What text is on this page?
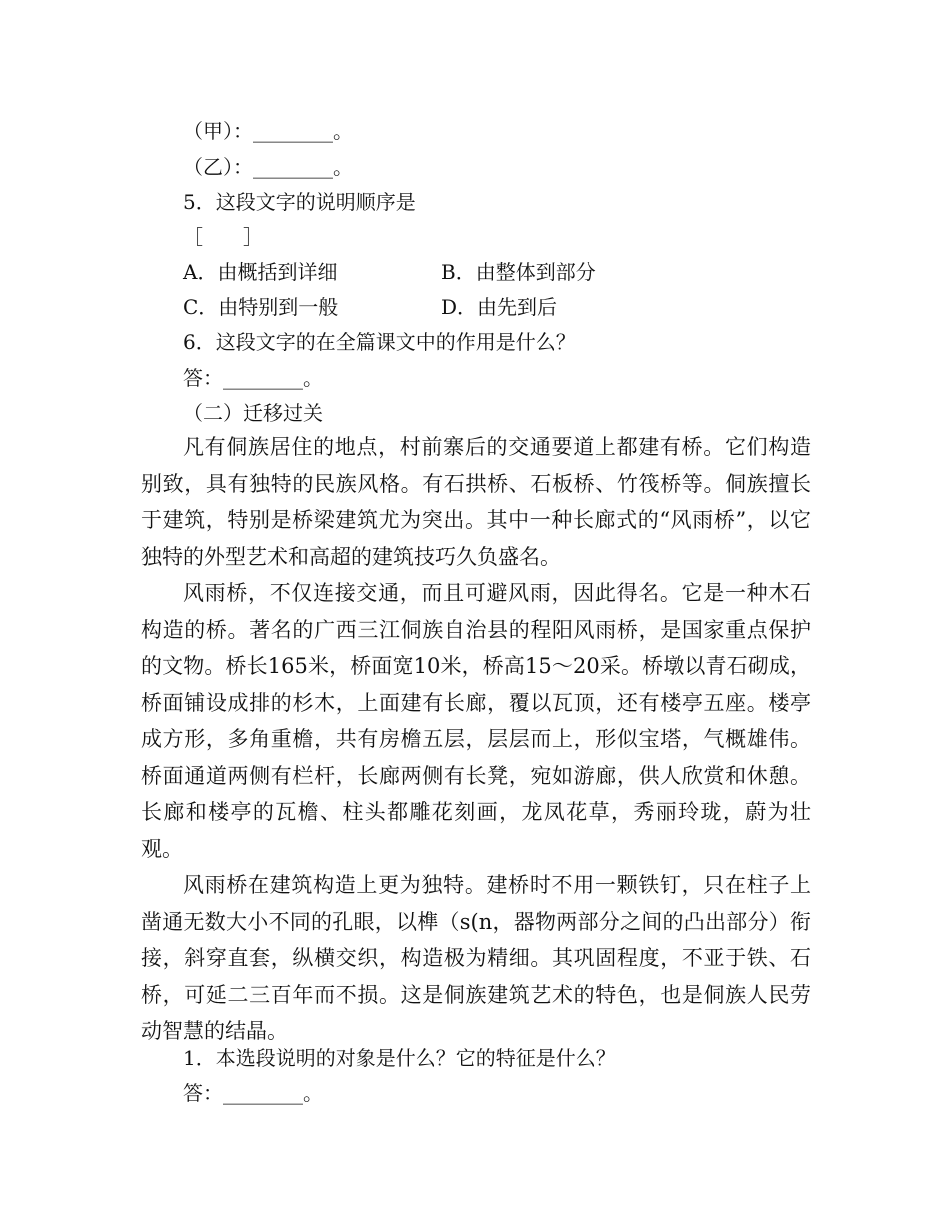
（甲）：________。
（乙）：________。
5．这段文字的说明顺序是
［　　］
A．由概括到详细	B．由整体到部分
C．由特别到一般	D．由先到后
6．这段文字的在全篇课文中的作用是什么？
答：________。
（二）迁移过关

凡有侗族居住的地点，村前寨后的交通要道上都建有桥。它们构造别致，具有独特的民族风格。有石拱桥、石板桥、竹筏桥等。侗族擅长于建筑，特别是桥梁建筑尤为突出。其中一种长廊式的“风雨桥”，以它独特的外型艺术和高超的建筑技巧久负盛名。

风雨桥，不仅连接交通，而且可避风雨，因此得名。它是一种木石构造的桥。著名的广西三江侗族自治县的程阳风雨桥，是国家重点保护的文物。桥长165米，桥面宽10米，桥高15～20采。桥墩以青石砌成，桥面铺设成排的杉木，上面建有长廊，覆以瓦顶，还有楼亭五座。楼亭成方形，多角重檐，共有房檐五层，层层而上，形似宝塔，气概雄伟。桥面通道两侧有栏杆，长廊两侧有长凳，宛如游廊，供人欣赏和休憩。长廊和楼亭的瓦檐、柱头都雕花刻画，龙凤花草，秀丽玲珑，蔚为壮观。

风雨桥在建筑构造上更为独特。建桥时不用一颗铁钉，只在柱子上凿通无数大小不同的孔眼，以榫（s(n，器物两部分之间的凸出部分）衔接，斜穿直套，纵横交织，构造极为精细。其巩固程度，不亚于铁、石桥，可延二三百年而不损。这是侗族建筑艺术的特色，也是侗族人民劳动智慧的结晶。

1．本选段说明的对象是什么？它的特征是什么？
答：________。
